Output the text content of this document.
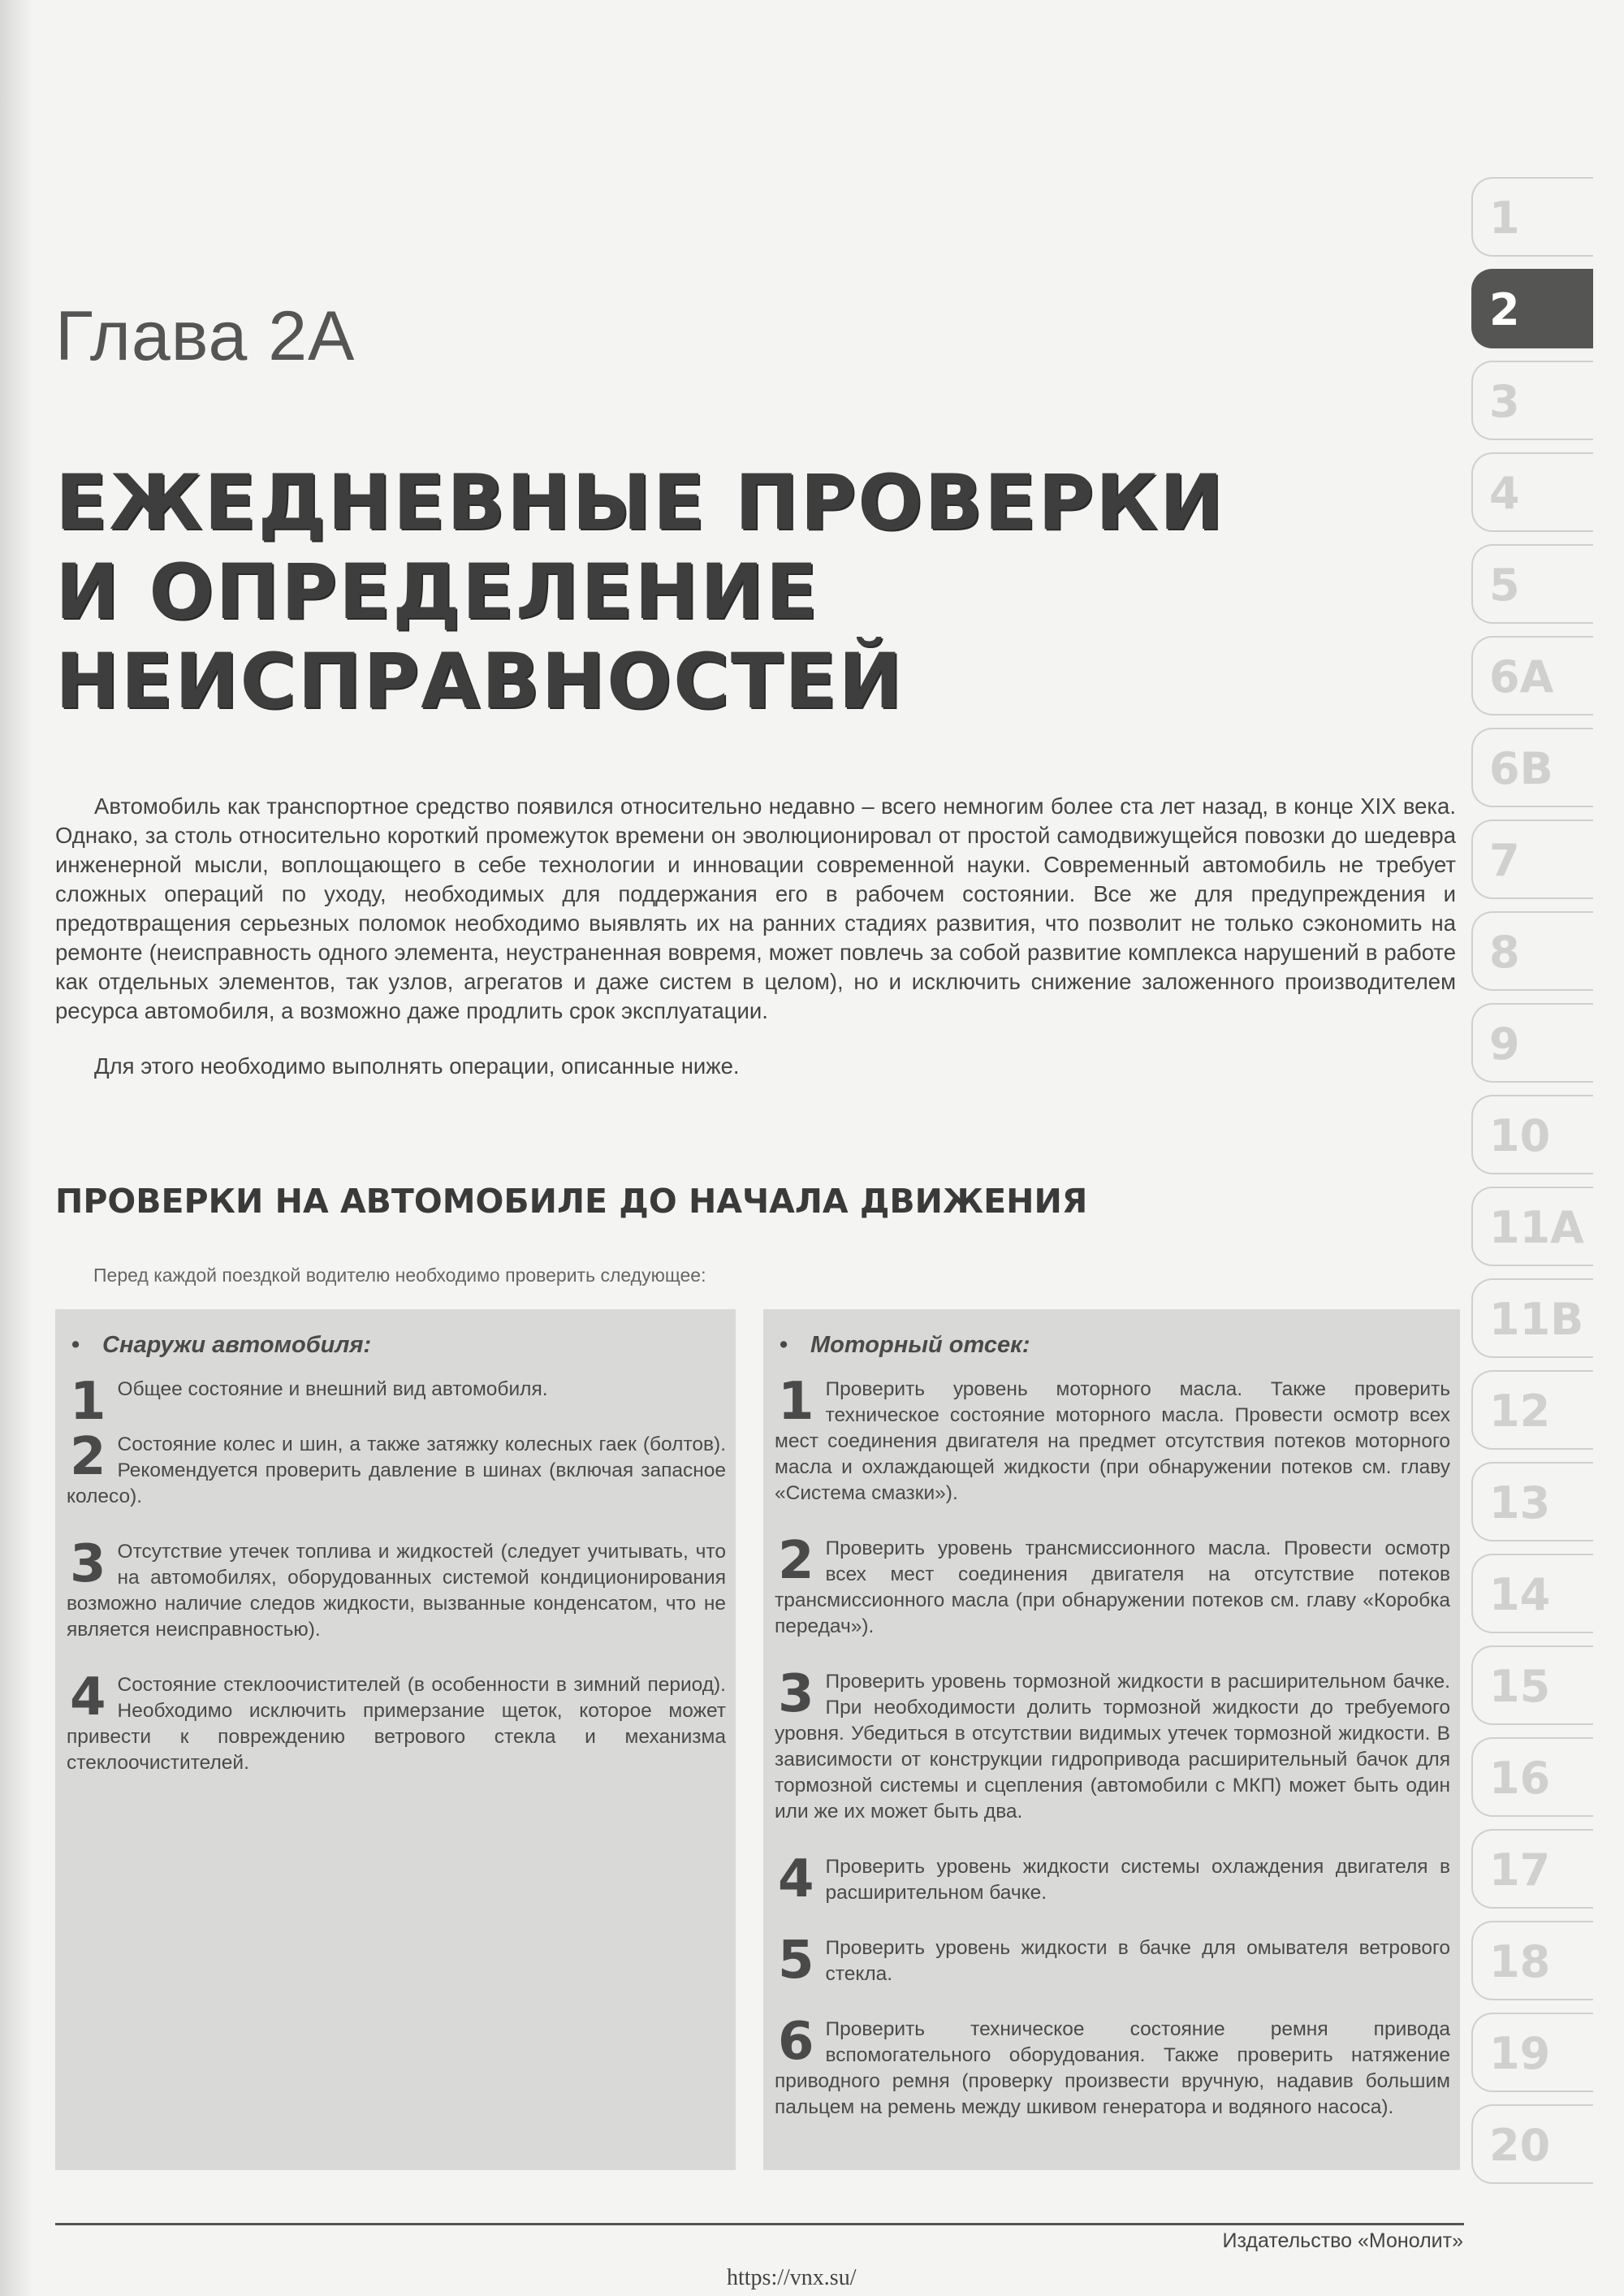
Глава 2А
ЕЖЕДНЕВНЫЕ ПРОВЕРКИ
И ОПРЕДЕЛЕНИЕ
НЕИСПРАВНОСТЕЙ

Автомобиль как транспортное средство появился относительно недавно – всего немногим более ста лет назад, в конце XIX века. Однако, за столь относительно короткий промежуток времени он эволюционировал от простой самодвижущейся повозки до шедевра инженерной мысли, воплощающего в себе технологии и инновации современной науки. Современный автомобиль не требует сложных операций по уходу, необходимых для поддержания его в рабочем состоянии. Все же для предупреждения и предотвращения серьезных поломок необходимо выявлять их на ранних стадиях развития, что позволит не только сэкономить на ремонте (неисправность одного элемента, неустраненная вовремя, может повлечь за собой развитие комплекса нарушений в работе как отдельных элементов, так узлов, агрегатов и даже систем в целом), но и исключить снижение заложенного производителем ресурса автомобиля, а возможно даже продлить срок эксплуатации.

Для этого необходимо выполнять операции, описанные ниже.

ПРОВЕРКИ НА АВТОМОБИЛЕ ДО НАЧАЛА ДВИЖЕНИЯ
Перед каждой поездкой водителю необходимо проверить следующее:
• Снаружи автомобиля:
1 Общее состояние и внешний вид автомобиля.
2 Состояние колес и шин, а также затяжку колесных гаек (болтов). Рекомендуется проверить давление в шинах (включая запасное колесо).
3 Отсутствие утечек топлива и жидкостей (следует учитывать, что на автомобилях, оборудованных системой кондиционирования возможно наличие следов жидкости, вызванные конденсатом, что не является неисправностью).
4 Состояние стеклоочистителей (в особенности в зимний период). Необходимо исключить примерзание щеток, которое может привести к повреждению ветрового стекла и механизма стеклоочистителей.
• Моторный отсек:
1 Проверить уровень моторного масла. Также проверить техническое состояние моторного масла. Провести осмотр всех мест соединения двигателя на предмет отсутствия потеков моторного масла и охлаждающей жидкости (при обнаружении потеков см. главу «Система смазки»).
2 Проверить уровень трансмиссионного масла. Провести осмотр всех мест соединения двигателя на отсутствие потеков трансмиссионного масла (при обнаружении потеков см. главу «Коробка передач»).
3 Проверить уровень тормозной жидкости в расширительном бачке. При необходимости долить тормозной жидкости до требуемого уровня. Убедиться в отсутствии видимых утечек тормозной жидкости. В зависимости от конструкции гидропривода расширительный бачок для тормозной системы и сцепления (автомобили с МКП) может быть один или же их может быть два.
4 Проверить уровень жидкости системы охлаждения двигателя в расширительном бачке.
5 Проверить уровень жидкости в бачке для омывателя ветрового стекла.
6 Проверить техническое состояние ремня привода вспомогательного оборудования. Также проверить натяжение приводного ремня (проверку произвести вручную, надавив большим пальцем на ремень между шкивом генератора и водяного насоса).
1
2
3
4
5
6A
6B
7
8
9
10
11A
11B
12
13
14
15
16
17
18
19
20
Издательство «Монолит»
https://vnx.su/
